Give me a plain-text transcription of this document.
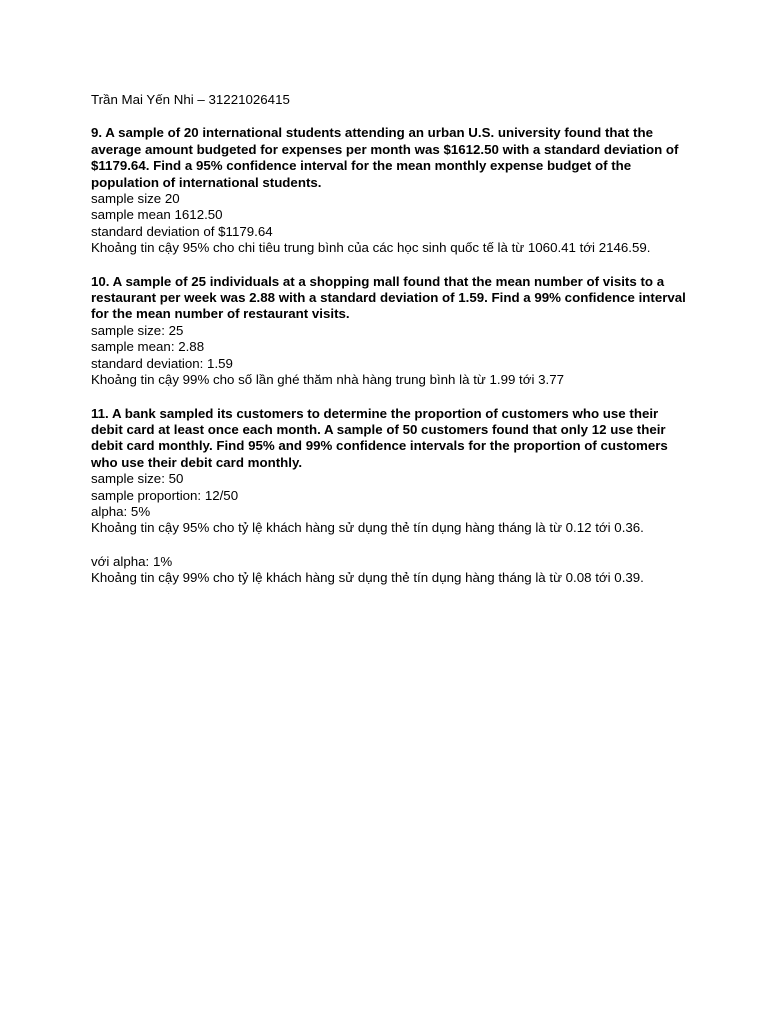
Trần Mai Yến Nhi – 31221026415

9. A sample of 20 international students attending an urban U.S. university found that the average amount budgeted for expenses per month was $1612.50 with a standard deviation of $1179.64. Find a 95% confidence interval for the mean monthly expense budget of the population of international students.

sample size 20

sample mean 1612.50

standard deviation of $1179.64

Khoảng tin cậy 95% cho chi tiêu trung bình của các học sinh quốc tế là từ 1060.41 tới 2146.59.

10. A sample of 25 individuals at a shopping mall found that the mean number of visits to a restaurant per week was 2.88 with a standard deviation of 1.59. Find a 99% confidence interval for the mean number of restaurant visits.

sample size: 25

sample mean: 2.88

standard deviation: 1.59

Khoảng tin cậy 99% cho số lần ghé thăm nhà hàng trung bình là từ 1.99 tới 3.77

11. A bank sampled its customers to determine the proportion of customers who use their debit card at least once each month. A sample of 50 customers found that only 12 use their debit card monthly. Find 95% and 99% confidence intervals for the proportion of customers who use their debit card monthly.

sample size: 50

sample proportion: 12/50

alpha: 5%

Khoảng tin cậy 95% cho tỷ lệ khách hàng sử dụng thẻ tín dụng hàng tháng là từ 0.12 tới 0.36.

với alpha: 1%

Khoảng tin cậy 99% cho tỷ lệ khách hàng sử dụng thẻ tín dụng hàng tháng là từ 0.08 tới 0.39.
